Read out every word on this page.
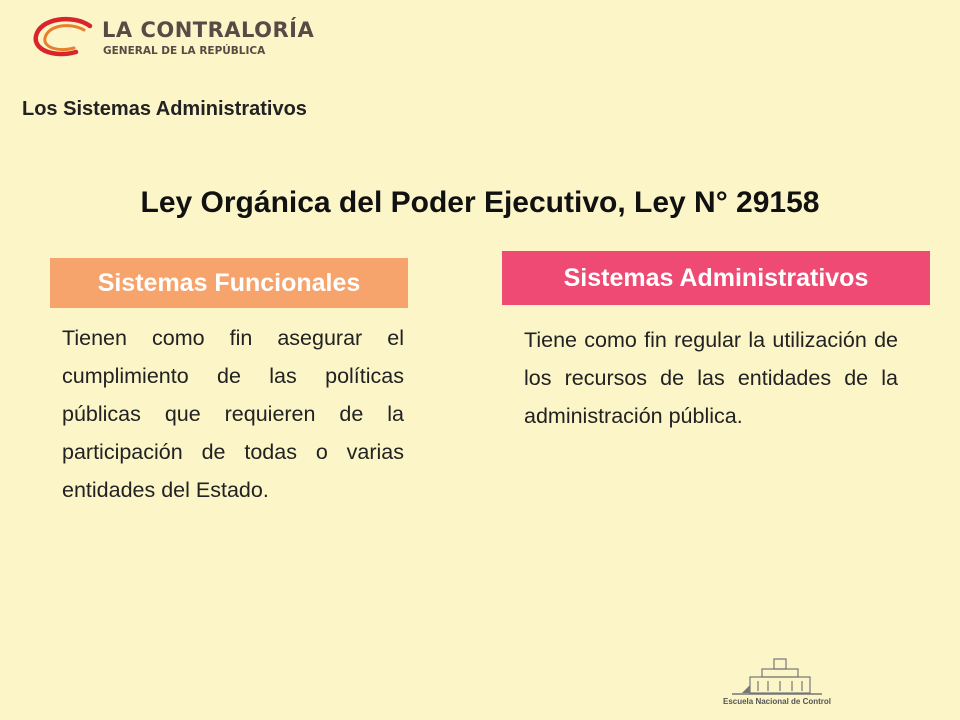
LA CONTRALORÍA
GENERAL DE LA REPÚBLICA
Los Sistemas Administrativos
Ley Orgánica del Poder Ejecutivo, Ley N° 29158
Sistemas Funcionales
Tienen como fin asegurar el cumplimiento de las políticas públicas que requieren de la participación de todas o varias entidades del Estado.
Sistemas Administrativos
Tiene como fin regular la utilización de los recursos de las entidades de la administración pública.
Escuela Nacional de Control
